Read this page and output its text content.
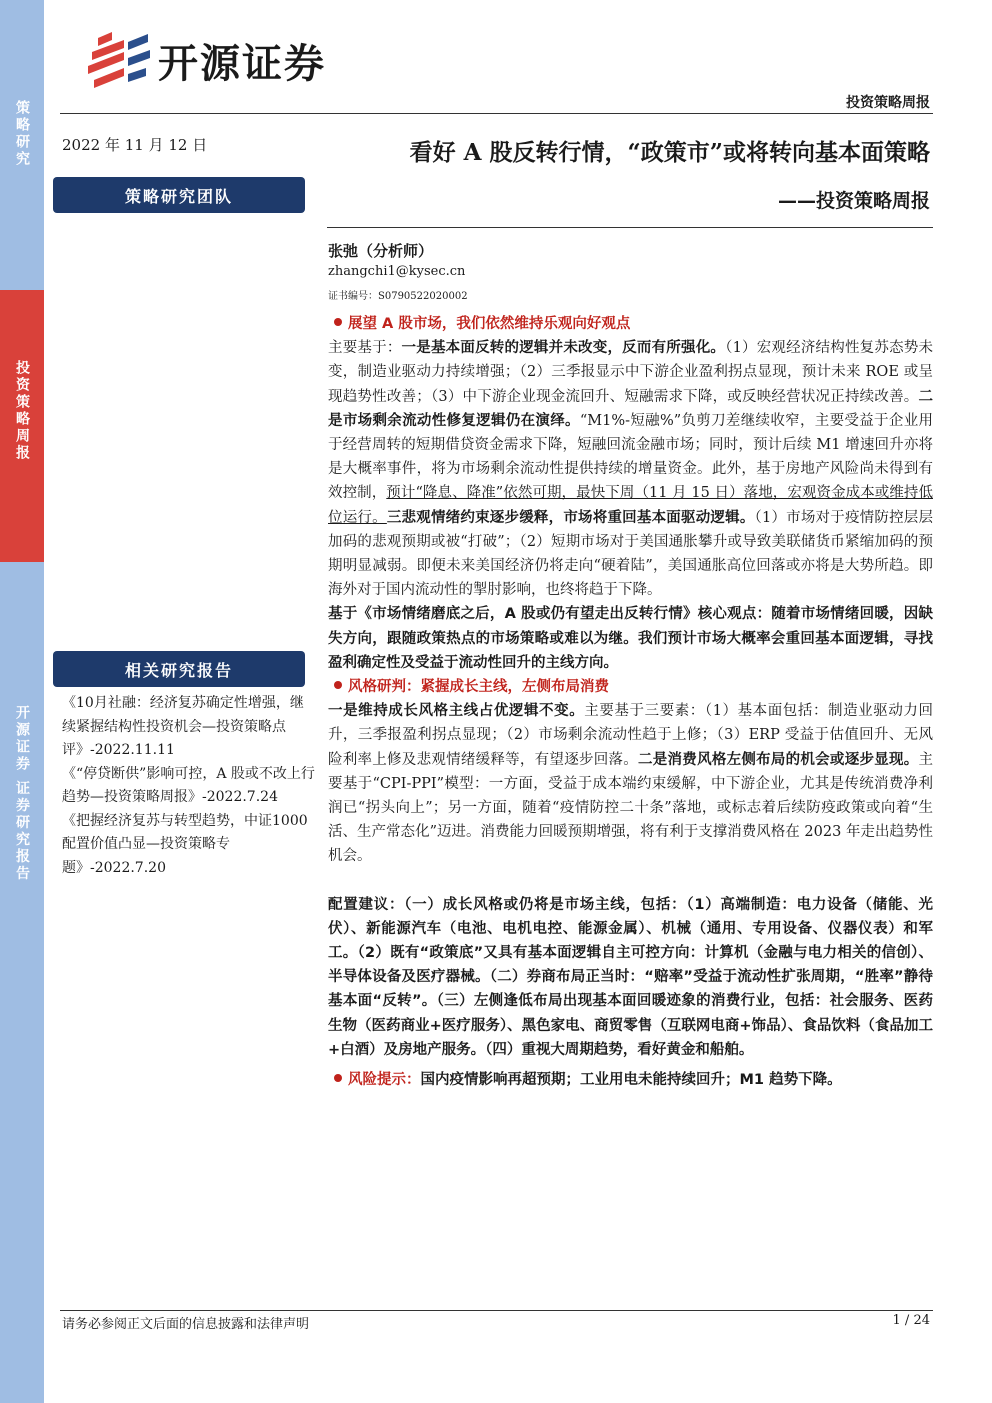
策略研究
投资策略周报
开源证券 证券研究报告
开源证券
投资策略周报
2022 年 11 月 12 日
策略研究团队
相关研究报告

《10月社融：经济复苏确定性增强，继续紧握结构性投资机会—投资策略点评》-2022.11.11

《“停贷断供”影响可控，A 股或不改上行趋势—投资策略周报》-2022.7.24

《把握经济复苏与转型趋势，中证1000配置价值凸显—投资策略专题》-2022.7.20

看好 A 股反转行情，“政策市”或将转向基本面策略
——投资策略周报
张弛（分析师）
zhangchi1@kysec.cn
证书编号：S0790522020002

展望 A 股市场，我们依然维持乐观向好观点

主要基于：一是基本面反转的逻辑并未改变，反而有所强化。（1）宏观经济结构性复苏态势未变，制造业驱动力持续增强；（2）三季报显示中下游企业盈利拐点显现，预计未来 ROE 或呈现趋势性改善；（3）中下游企业现金流回升、短融需求下降，或反映经营状况正持续改善。二是市场剩余流动性修复逻辑仍在演绎。“M1%-短融%”负剪刀差继续收窄，主要受益于企业用于经营周转的短期借贷资金需求下降，短融回流金融市场；同时，预计后续 M1 增速回升亦将是大概率事件，将为市场剩余流动性提供持续的增量资金。此外，基于房地产风险尚未得到有效控制，预计“降息、降准”依然可期，最快下周（11 月 15 日）落地，宏观资金成本或维持低位运行。三悲观情绪约束逐步缓释，市场将重回基本面驱动逻辑。（1）市场对于疫情防控层层加码的悲观预期或被“打破”；（2）短期市场对于美国通胀攀升或导致美联储货币紧缩加码的预期明显减弱。即便未来美国经济仍将走向“硬着陆”，美国通胀高位回落或亦将是大势所趋。即海外对于国内流动性的掣肘影响，也终将趋于下降。

基于《市场情绪磨底之后，A 股或仍有望走出反转行情》核心观点：随着市场情绪回暖，因缺失方向，跟随政策热点的市场策略或难以为继。我们预计市场大概率会重回基本面逻辑，寻找盈利确定性及受益于流动性回升的主线方向。

风格研判：紧握成长主线，左侧布局消费

一是维持成长风格主线占优逻辑不变。主要基于三要素：（1）基本面包括：制造业驱动力回升，三季报盈利拐点显现；（2）市场剩余流动性趋于上修；（3）ERP 受益于估值回升、无风险利率上修及悲观情绪缓释等，有望逐步回落。二是消费风格左侧布局的机会或逐步显现。主要基于“CPI-PPI”模型：一方面，受益于成本端约束缓解，中下游企业，尤其是传统消费净利润已“拐头向上”；另一方面，随着“疫情防控二十条”落地，或标志着后续防疫政策或向着“生活、生产常态化”迈进。消费能力回暖预期增强，将有利于支撑消费风格在 2023 年走出趋势性机会。

配置建议：（一）成长风格或仍将是市场主线，包括：（1）高端制造：电力设备（储能、光伏）、新能源汽车（电池、电机电控、能源金属）、机械（通用、专用设备、仪器仪表）和军工。（2）既有“政策底”又具有基本面逻辑自主可控方向：计算机（金融与电力相关的信创）、半导体设备及医疗器械。（二）券商布局正当时：“赔率”受益于流动性扩张周期，“胜率”静待基本面“反转”。（三）左侧逢低布局出现基本面回暖迹象的消费行业，包括：社会服务、医药生物（医药商业+医疗服务）、黑色家电、商贸零售（互联网电商+饰品）、食品饮料（食品加工+白酒）及房地产服务。（四）重视大周期趋势，看好黄金和船舶。

风险提示：国内疫情影响再超预期；工业用电未能持续回升；M1 趋势下降。

请务必参阅正文后面的信息披露和法律声明	1 / 24
